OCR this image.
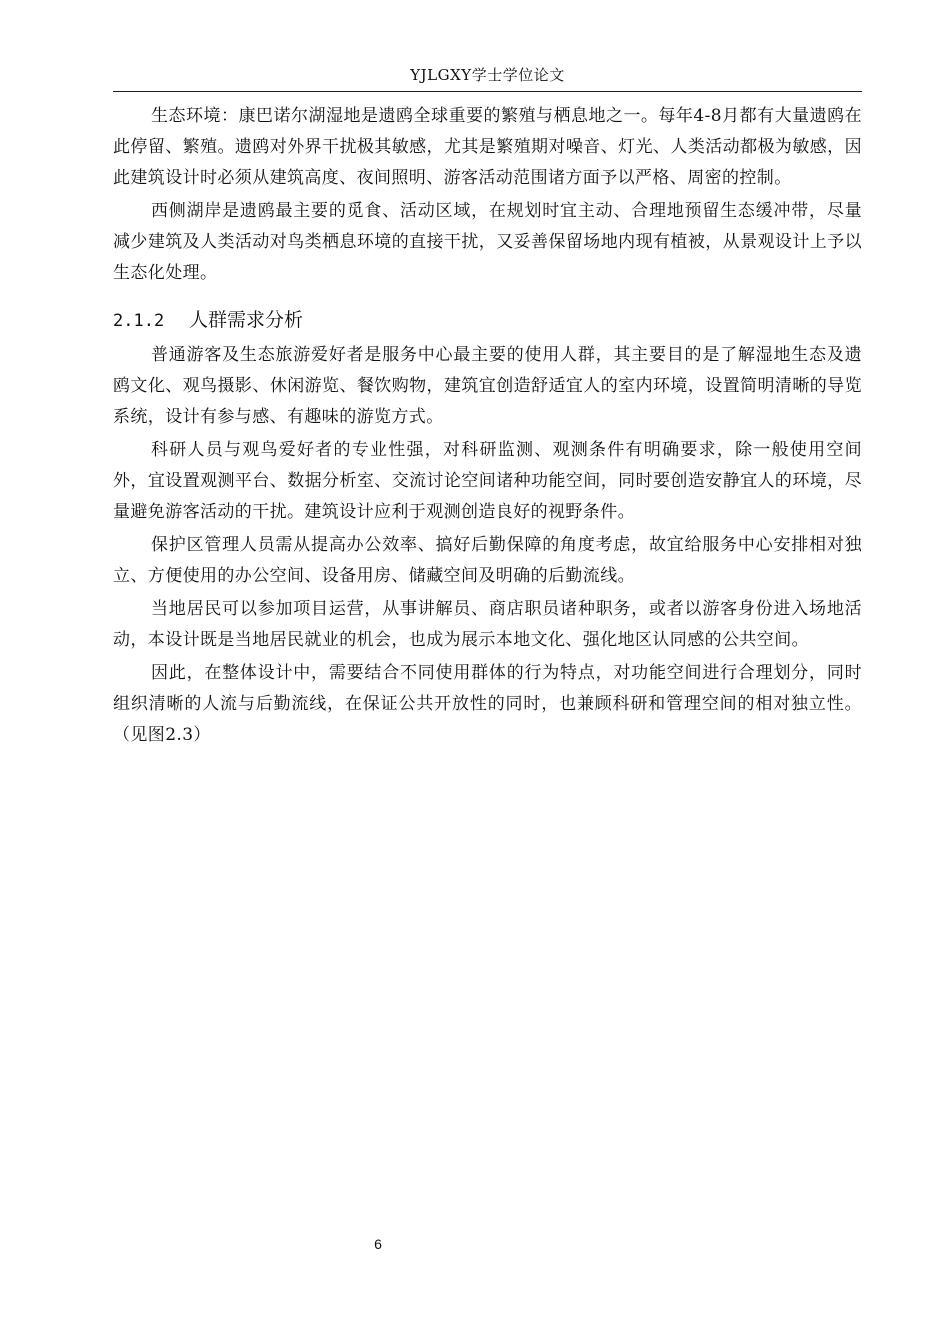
YJLGXY学士学位论文

生态环境：康巴诺尔湖湿地是遗鸥全球重要的繁殖与栖息地之一。每年4-8月都有大量遗鸥在此停留、繁殖。遗鸥对外界干扰极其敏感，尤其是繁殖期对噪音、灯光、人类活动都极为敏感，因此建筑设计时必须从建筑高度、夜间照明、游客活动范围诸方面予以严格、周密的控制。

西侧湖岸是遗鸥最主要的觅食、活动区域，在规划时宜主动、合理地预留生态缓冲带，尽量减少建筑及人类活动对鸟类栖息环境的直接干扰，又妥善保留场地内现有植被，从景观设计上予以生态化处理。

2.1.2 人群需求分析

普通游客及生态旅游爱好者是服务中心最主要的使用人群，其主要目的是了解湿地生态及遗鸥文化、观鸟摄影、休闲游览、餐饮购物，建筑宜创造舒适宜人的室内环境，设置简明清晰的导览系统，设计有参与感、有趣味的游览方式。

科研人员与观鸟爱好者的专业性强，对科研监测、观测条件有明确要求，除一般使用空间外，宜设置观测平台、数据分析室、交流讨论空间诸种功能空间，同时要创造安静宜人的环境，尽量避免游客活动的干扰。建筑设计应利于观测创造良好的视野条件。

保护区管理人员需从提高办公效率、搞好后勤保障的角度考虑，故宜给服务中心安排相对独立、方便使用的办公空间、设备用房、储藏空间及明确的后勤流线。

当地居民可以参加项目运营，从事讲解员、商店职员诸种职务，或者以游客身份进入场地活动，本设计既是当地居民就业的机会，也成为展示本地文化、强化地区认同感的公共空间。

因此，在整体设计中，需要结合不同使用群体的行为特点，对功能空间进行合理划分，同时组织清晰的人流与后勤流线，在保证公共开放性的同时，也兼顾科研和管理空间的相对独立性。（见图2.3）

6
